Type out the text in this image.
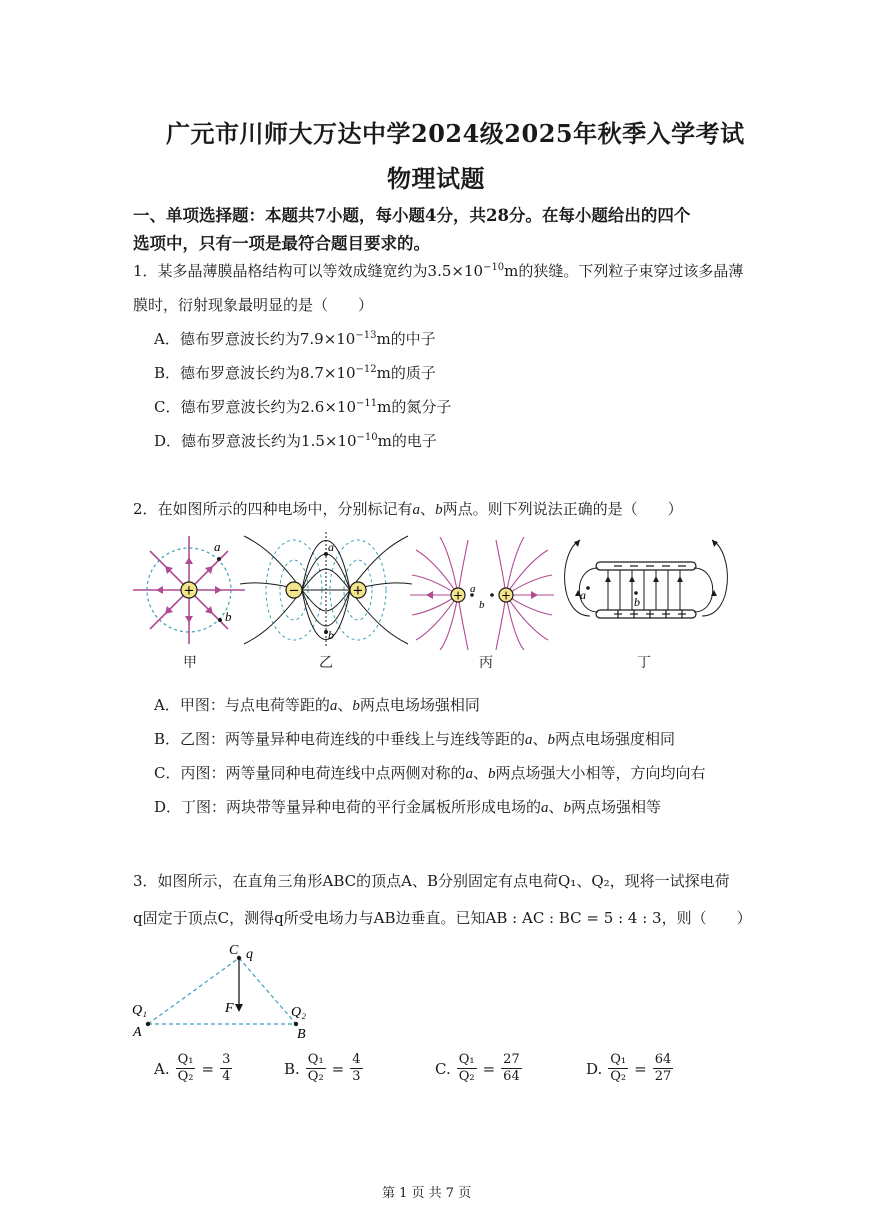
广元市川师大万达中学2024级2025年秋季入学考试
物理试题
一、单项选择题：本题共7小题，每小题4分，共28分。在每小题给出的四个
选项中，只有一项是最符合题目要求的。
1．某多晶薄膜晶格结构可以等效成缝宽约为$3.5\times 10^{-10}m$的狭缝。下列粒子束穿过该多晶薄
膜时，衍射现象最明显的是（　　）
A．德布罗意波长约为$7.9\times 10^{-13}m$的中子
B．德布罗意波长约为$8.7\times 10^{-12}m$的质子
C．德布罗意波长约为$2.6\times 10^{-11}m$的氮分子
D．德布罗意波长约为$1.5\times 10^{-10}m$的电子
2．在如图所示的四种电场中，分别标记有a、b两点。则下列说法正确的是（　　）
+
a
b
−	+
a
b
+	+
a
b
a	b
甲	乙	丙	丁
A．甲图：与点电荷等距的a、b两点电场场强相同
B．乙图：两等量异种电荷连线的中垂线上与连线等距的a、b两点电场强度相同
C．丙图：两等量同种电荷连线中点两侧对称的a、b两点场强大小相等，方向均向右
D．丁图：两块带等量异种电荷的平行金属板所形成电场的a、b两点场强相等
3．如图所示，在直角三角形ABC的顶点A、B分别固定有点电荷Q₁、Q₂，现将一试探电荷
q固定于顶点C，测得q所受电场力与AB边垂直。已知AB : AC : BC = 5 : 4 : 3，则（　　）
C q
F
Q₁
A
Q₂
B
A. $\frac{\text{Q₁}}{\text{Q₂}} = \frac{3}{4}$	B. $\frac{\text{Q₁}}{\text{Q₂}} = \frac{4}{3}$	C. $\frac{\text{Q₁}}{\text{Q₂}} = \frac{27}{64}$	D. $\frac{\text{Q₁}}{\text{Q₂}} = \frac{64}{27}$
第 1 页 共 7 页
